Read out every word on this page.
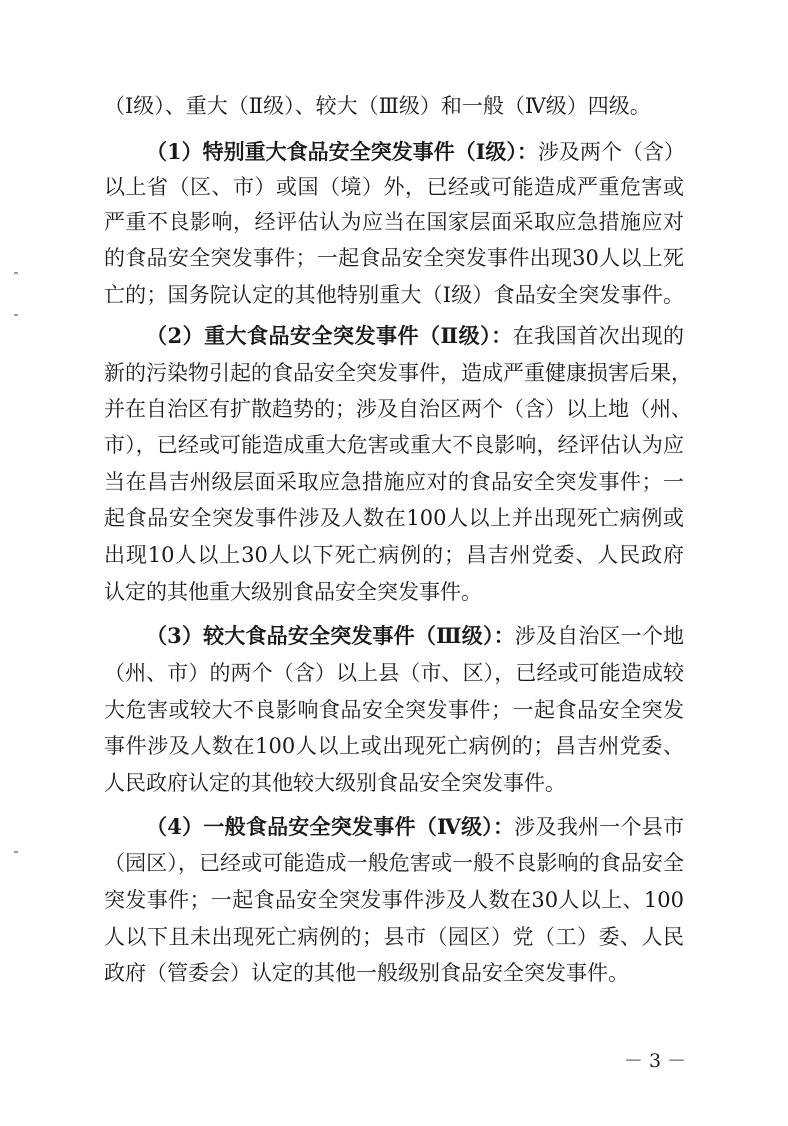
（Ⅰ级）、重大（Ⅱ级）、较大（Ⅲ级）和一般（Ⅳ级）四级。
（1）特别重大食品安全突发事件（Ⅰ级）：涉及两个（含）
以上省（区、市）或国（境）外，已经或可能造成严重危害或
严重不良影响，经评估认为应当在国家层面采取应急措施应对
的食品安全突发事件；一起食品安全突发事件出现30人以上死
亡的；国务院认定的其他特别重大（Ⅰ级）食品安全突发事件。
（2）重大食品安全突发事件（Ⅱ级）：在我国首次出现的
新的污染物引起的食品安全突发事件，造成严重健康损害后果，
并在自治区有扩散趋势的；涉及自治区两个（含）以上地（州、
市），已经或可能造成重大危害或重大不良影响，经评估认为应
当在昌吉州级层面采取应急措施应对的食品安全突发事件；一
起食品安全突发事件涉及人数在100人以上并出现死亡病例或
出现10人以上30人以下死亡病例的；昌吉州党委、人民政府
认定的其他重大级别食品安全突发事件。
（3）较大食品安全突发事件（Ⅲ级）：涉及自治区一个地
（州、市）的两个（含）以上县（市、区），已经或可能造成较
大危害或较大不良影响食品安全突发事件；一起食品安全突发
事件涉及人数在100人以上或出现死亡病例的；昌吉州党委、
人民政府认定的其他较大级别食品安全突发事件。
（4）一般食品安全突发事件（Ⅳ级）：涉及我州一个县市
（园区），已经或可能造成一般危害或一般不良影响的食品安全
突发事件；一起食品安全突发事件涉及人数在30人以上、100
人以下且未出现死亡病例的；县市（园区）党（工）委、人民
政府（管委会）认定的其他一般级别食品安全突发事件。
－ 3 －
